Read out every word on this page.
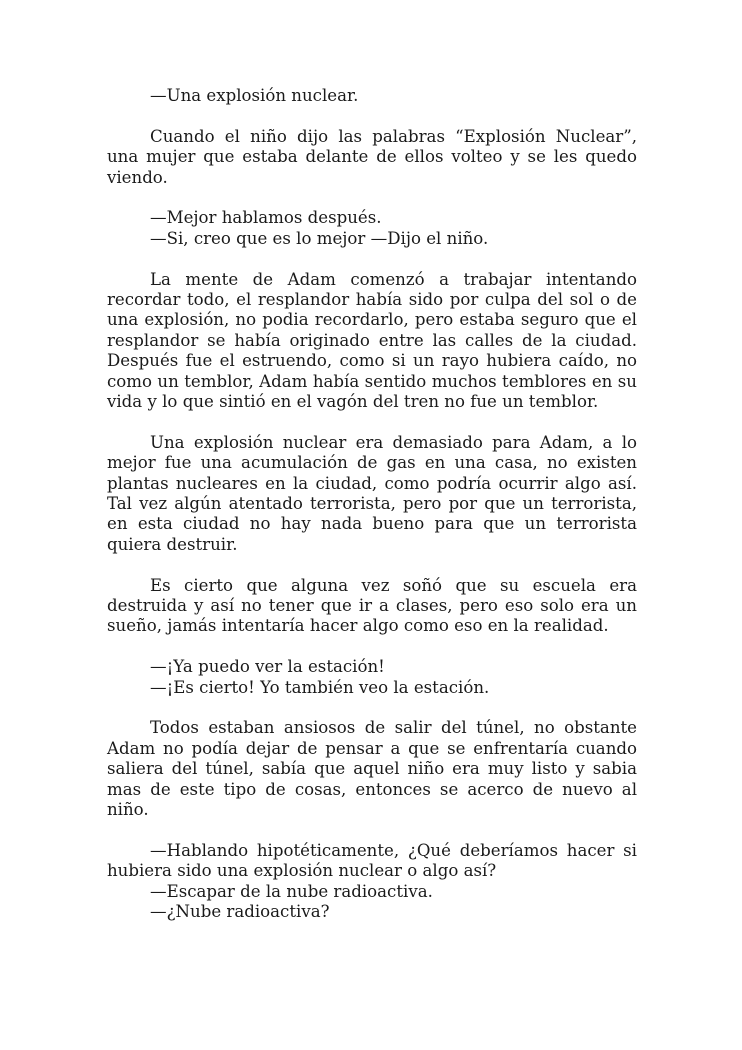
—Una explosión nuclear.

Cuando el niño dijo las palabras “Explosión Nuclear”, una mujer que estaba delante de ellos volteo y se les quedo viendo.

—Mejor hablamos después.

—Si, creo que es lo mejor —Dijo el niño.

La mente de Adam comenzó a trabajar intentando recordar todo, el resplandor había sido por culpa del sol o de una explosión, no podia recordarlo, pero estaba seguro que el resplandor se había originado entre las calles de la ciudad. Después fue el estruendo, como si un rayo hubiera caído, no como un temblor, Adam había sentido muchos temblores en su vida y lo que sintió en el vagón del tren no fue un temblor.

Una explosión nuclear era demasiado para Adam, a lo mejor fue una acumulación de gas en una casa, no existen plantas nucleares en la ciudad, como podría ocurrir algo así. Tal vez algún atentado terrorista, pero por que un terrorista, en esta ciudad no hay nada bueno para que un terrorista quiera destruir.

Es cierto que alguna vez soñó que su escuela era destruida y así no tener que ir a clases, pero eso solo era un sueño, jamás intentaría hacer algo como eso en la realidad.

—¡Ya puedo ver la estación!

—¡Es cierto! Yo también veo la estación.

Todos estaban ansiosos de salir del túnel, no obstante Adam no podía dejar de pensar a que se enfrentaría cuando saliera del túnel, sabía que aquel niño era muy listo y sabia mas de este tipo de cosas, entonces se acerco de nuevo al niño.

—Hablando hipotéticamente, ¿Qué deberíamos hacer si hubiera sido una explosión nuclear o algo así?

—Escapar de la nube radioactiva.

—¿Nube radioactiva?
